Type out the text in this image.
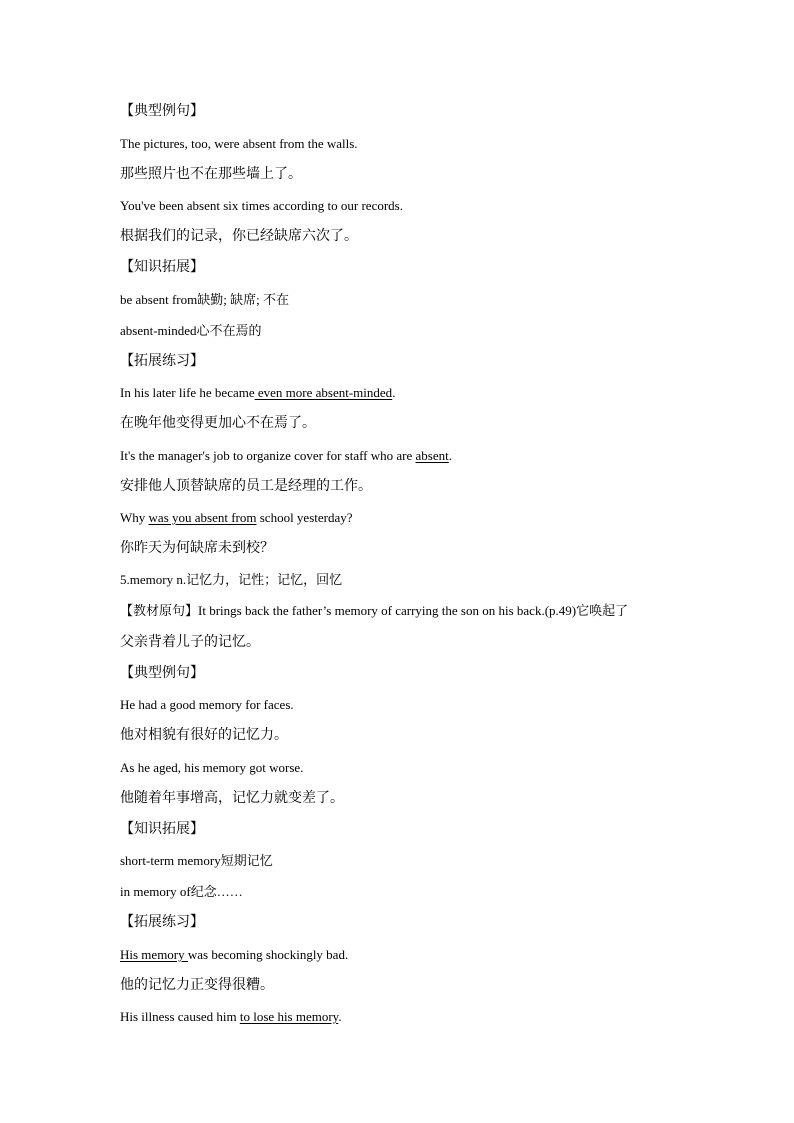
【典型例句】
The pictures, too, were absent from the walls.
那些照片也不在那些墙上了。
You've been absent six times according to our records.
根据我们的记录，你已经缺席六次了。
【知识拓展】
be absent from缺勤; 缺席; 不在
absent-minded心不在焉的
【拓展练习】
In his later life he became even more absent-minded.
在晚年他变得更加心不在焉了。
It's the manager's job to organize cover for staff who are absent.
安排他人顶替缺席的员工是经理的工作。
Why was you absent from school yesterday?
你昨天为何缺席未到校？
5.memory n.记忆力，记性；记忆，回忆
【教材原句】It brings back the father’s memory of carrying the son on his back.(p.49)它唤起了
父亲背着儿子的记忆。
【典型例句】
He had a good memory for faces.
他对相貌有很好的记忆力。
As he aged, his memory got worse.
他随着年事增高，记忆力就变差了。
【知识拓展】
short-term memory短期记忆
in memory of纪念……
【拓展练习】
His memory was becoming shockingly bad.
他的记忆力正变得很糟。
His illness caused him to lose his memory.
